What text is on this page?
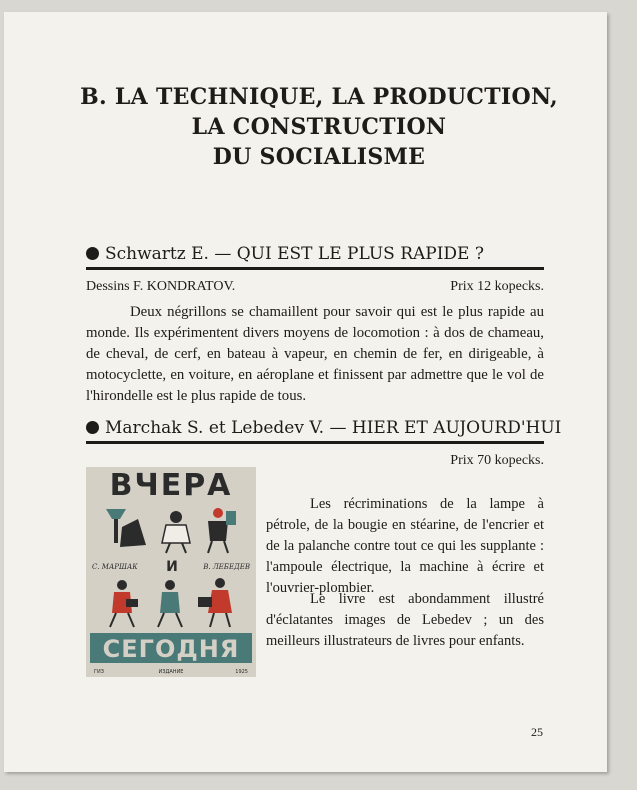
B. LA TECHNIQUE, LA PRODUCTION,
LA CONSTRUCTION
DU SOCIALISME
Schwartz E. — QUI EST LE PLUS RAPIDE ?
Dessins F. KONDRATOV.	Prix 12 kopecks.

Deux négrillons se chamaillent pour savoir qui est le plus rapide au monde. Ils expérimentent divers moyens de locomotion : à dos de chameau, de cheval, de cerf, en bateau à vapeur, en chemin de fer, en dirigeable, à motocyclette, en voiture, en aéroplane et finissent par admettre que le vol de l'hirondelle est le plus rapide de tous.

Marchak S. et Lebedev V. — HIER ET AUJOURD'HUI
Prix 70 kopecks.
ВЧЕРА
С. МАРШАК И	В. ЛЕБЕДЕВ
СЕГОДНЯ
ГИЗ	ИЗДАНИЕ	1925

Les récriminations de la lampe à pétrole, de la bougie en stéarine, de l'encrier et de la palanche contre tout ce qui les supplante : l'ampoule électrique, la machine à écrire et l'ouvrier-plombier.

Le livre est abondamment illustré d'éclatantes images de Lebedev ; un des meilleurs illustrateurs de livres pour enfants.

25
